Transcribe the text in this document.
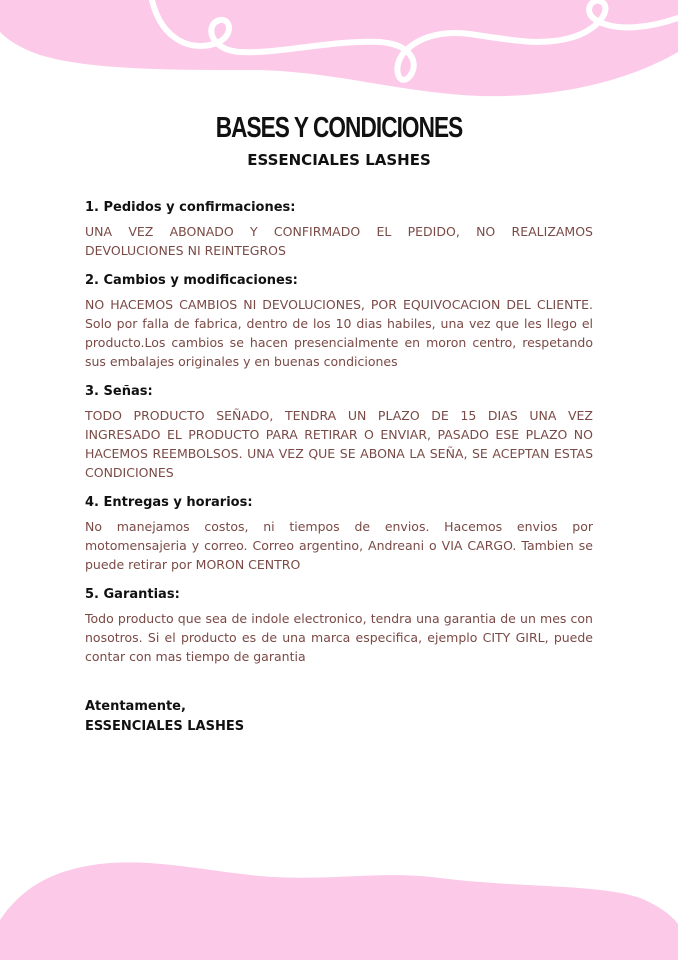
BASES Y CONDICIONES
ESSENCIALES LASHES
1. Pedidos y confirmaciones:

UNA VEZ ABONADO Y CONFIRMADO EL PEDIDO, NO REALIZAMOS DEVOLUCIONES NI REINTEGROS

2. Cambios y modificaciones:

NO HACEMOS CAMBIOS NI DEVOLUCIONES, POR EQUIVOCACION DEL CLIENTE. Solo por falla de fabrica, dentro de los 10 dias habiles, una vez que les llego el producto.Los cambios se hacen presencialmente en moron centro, respetando sus embalajes originales y en buenas condiciones

3. Señas:

TODO PRODUCTO SEÑADO, TENDRA UN PLAZO DE 15 DIAS UNA VEZ INGRESADO EL PRODUCTO PARA RETIRAR O ENVIAR, PASADO ESE PLAZO NO HACEMOS REEMBOLSOS. UNA VEZ QUE SE ABONA LA SEÑA, SE ACEPTAN ESTAS CONDICIONES

4. Entregas y horarios:

No manejamos costos, ni tiempos de envios. Hacemos envios por motomensajeria y correo. Correo argentino, Andreani o VIA CARGO. Tambien se puede retirar por MORON CENTRO

5. Garantias:

Todo producto que sea de indole electronico, tendra una garantia de un mes con nosotros. Si el producto es de una marca especifica, ejemplo CITY GIRL, puede contar con mas tiempo de garantia

Atentamente,
ESSENCIALES LASHES
